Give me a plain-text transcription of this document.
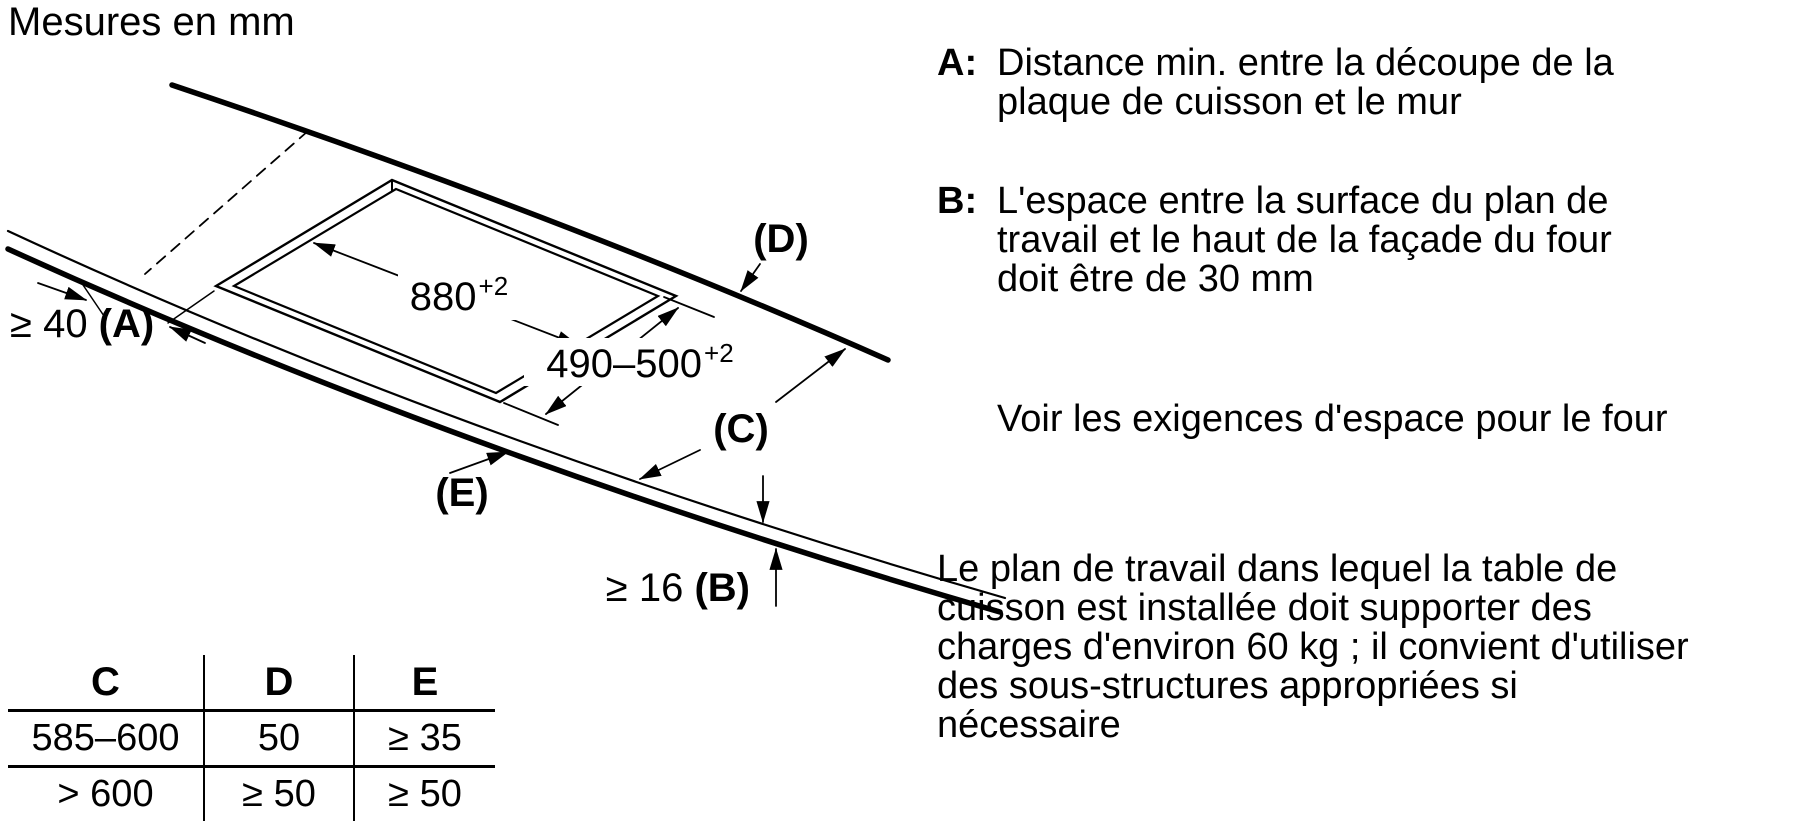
Mesures en mm
$880^{+2}$
$490-500^{+2}$
≥ 40 (A)
≥ 16 (B)
(C)
(D)
(E)
A: Distance min. entre la découpe de la
plaque de cuisson et le mur
B: L'espace entre la surface du plan de
travail et le haut de la façade du four
doit être de 30 mm
Voir les exigences d'espace pour le four
Le plan de travail dans lequel la table de
cuisson est installée doit supporter des
charges d'environ 60 kg ; il convient d'utiliser
des sous-structures appropriées si
nécessaire
C	D	E
585–600	50	≥ 35
> 600	≥ 50	≥ 50
